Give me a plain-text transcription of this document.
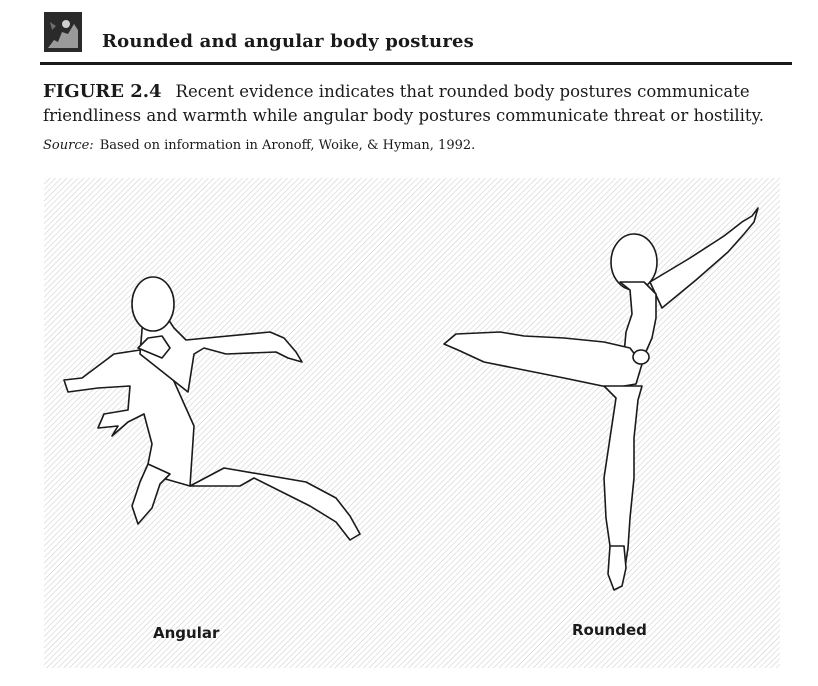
Rounded and angular body postures
FIGURE 2.4 Recent evidence indicates that rounded body postures communicate friendliness and warmth while angular body postures communicate threat or hostility.
Source: Based on information in Aronoff, Woike, & Hyman, 1992.
Angular	Rounded
